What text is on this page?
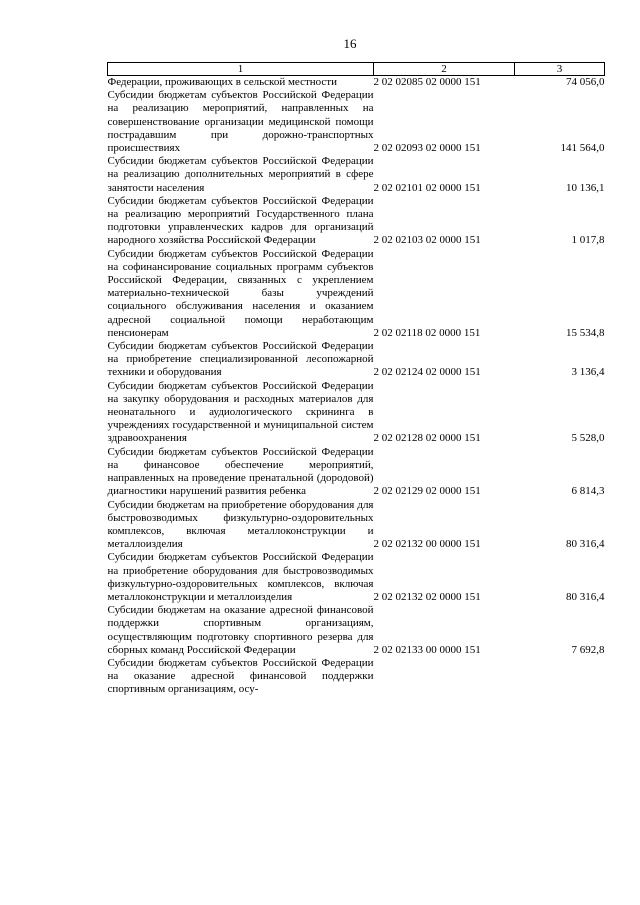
16
1	2	3
Федерации, проживающих в сельской местности	2 02 02085 02 0000 151	74 056,0
Субсидии бюджетам субъектов Российской Федерации на реализацию мероприятий, направленных на совершенствование организации медицинской помощи пострадавшим при дорожно-транспортных происшествиях	2 02 02093 02 0000 151	141 564,0
Субсидии бюджетам субъектов Российской Федерации на реализацию дополнительных мероприятий в сфере занятости населения	2 02 02101 02 0000 151	10 136,1
Субсидии бюджетам субъектов Российской Федерации на реализацию мероприятий Государственного плана подготовки управленческих кадров для организаций народного хозяйства Российской Федерации	2 02 02103 02 0000 151	1 017,8
Субсидии бюджетам субъектов Российской Федерации на софинансирование социальных программ субъектов Российской Федерации, связанных с укреплением материально-технической базы учреждений социального обслуживания населения и оказанием адресной социальной помощи неработающим пенсионерам	2 02 02118 02 0000 151	15 534,8
Субсидии бюджетам субъектов Российской Федерации на приобретение специализированной лесопожарной техники и оборудования	2 02 02124 02 0000 151	3 136,4
Субсидии бюджетам субъектов Российской Федерации на закупку оборудования и расходных материалов для неонатального и аудиологического скрининга в учреждениях государственной и муниципальной систем здравоохранения	2 02 02128 02 0000 151	5 528,0
Субсидии бюджетам субъектов Российской Федерации на финансовое обеспечение мероприятий, направленных на проведение пренатальной (дородовой) диагностики нарушений развития ребенка	2 02 02129 02 0000 151	6 814,3
Субсидии бюджетам на приобретение оборудования для быстровозводимых физкультурно-оздоровительных комплексов, включая металлоконструкции и металлоизделия	2 02 02132 00 0000 151	80 316,4
Субсидии бюджетам субъектов Российской Федерации на приобретение оборудования для быстровозводимых физкультурно-оздоровительных комплексов, включая металлоконструкции и металлоизделия	2 02 02132 02 0000 151	80 316,4
Субсидии бюджетам на оказание адресной финансовой поддержки спортивным организациям, осуществляющим подготовку спортивного резерва для сборных команд Российской Федерации	2 02 02133 00 0000 151	7 692,8
Субсидии бюджетам субъектов Российской Федерации на оказание адресной финансовой поддержки спортивным организациям, осу-		
